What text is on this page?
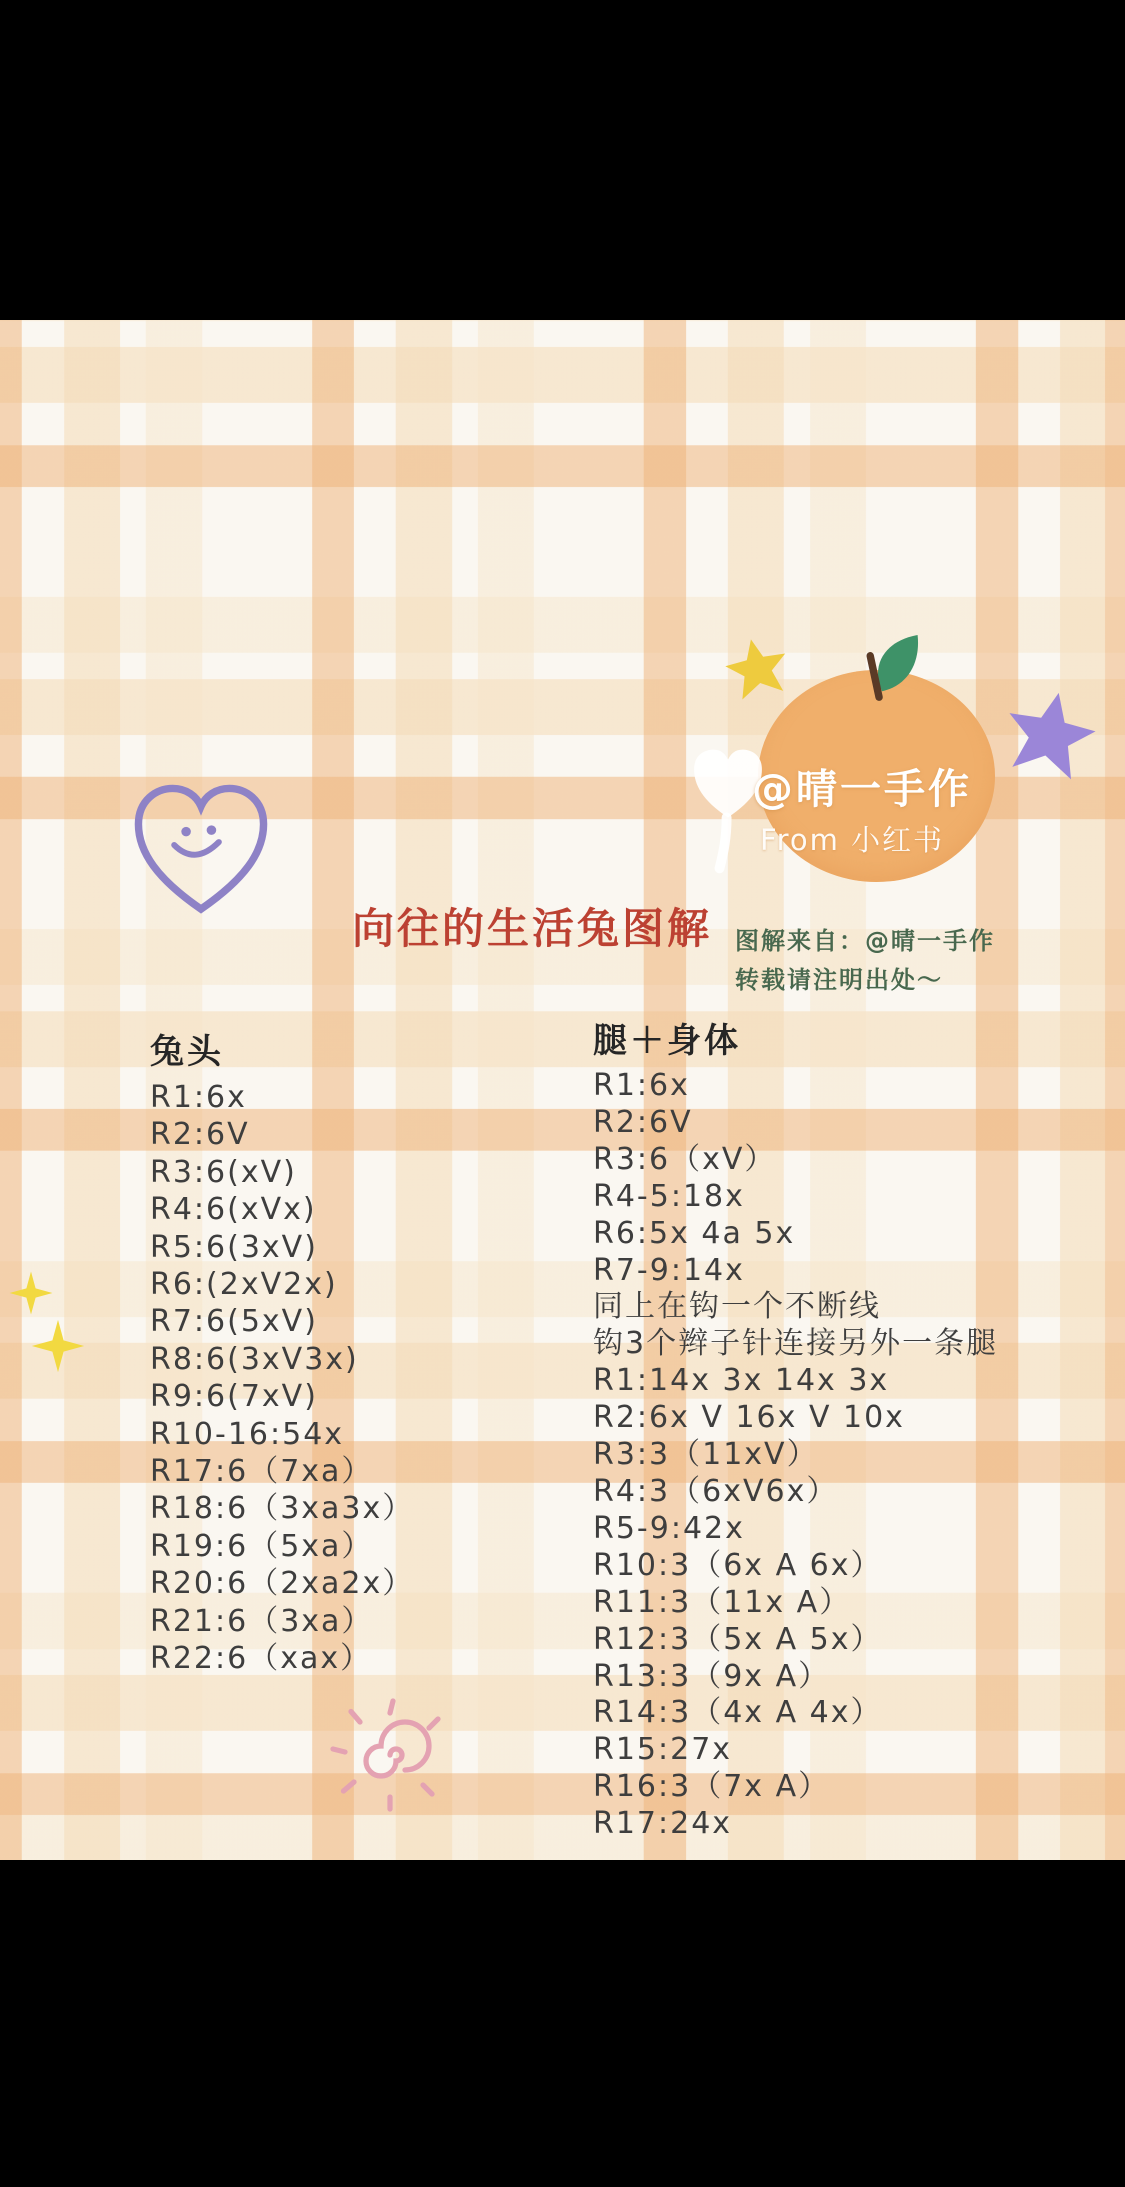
@晴一手作
From 小红书
向往的生活兔图解 图解来自：@晴一手作
转载请注明出处～
兔头
R1:6x
R2:6V
R3:6(xV)
R4:6(xVx)
R5:6(3xV)
R6:(2xV2x)
R7:6(5xV)
R8:6(3xV3x)
R9:6(7xV)
R10-16:54x
R17:6（7xa）
R18:6（3xa3x）
R19:6（5xa）
R20:6（2xa2x）
R21:6（3xa）
R22:6（xax）
腿＋身体
R1:6x
R2:6V
R3:6（xV）
R4-5:18x
R6:5x 4a 5x
R7-9:14x
同上在钩一个不断线
钩3个辫子针连接另外一条腿
R1:14x 3x 14x 3x
R2:6x V 16x V 10x
R3:3（11xV）
R4:3（6xV6x）
R5-9:42x
R10:3（6x A 6x）
R11:3（11x A）
R12:3（5x A 5x）
R13:3（9x A）
R14:3（4x A 4x）
R15:27x
R16:3（7x A）
R17:24x
